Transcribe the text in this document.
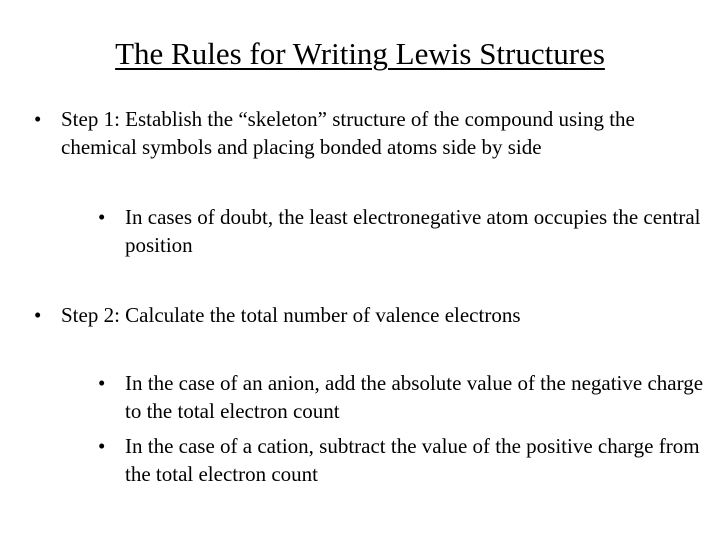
The Rules for Writing Lewis Structures

• Step 1: Establish the “skeleton” structure of the compound using the chemical symbols and placing bonded atoms side by side

• In cases of doubt, the least electronegative atom occupies the central position

• Step 2: Calculate the total number of valence electrons

• In the case of an anion, add the absolute value of the negative charge to the total electron count

• In the case of a cation, subtract the value of the positive charge from the total electron count
